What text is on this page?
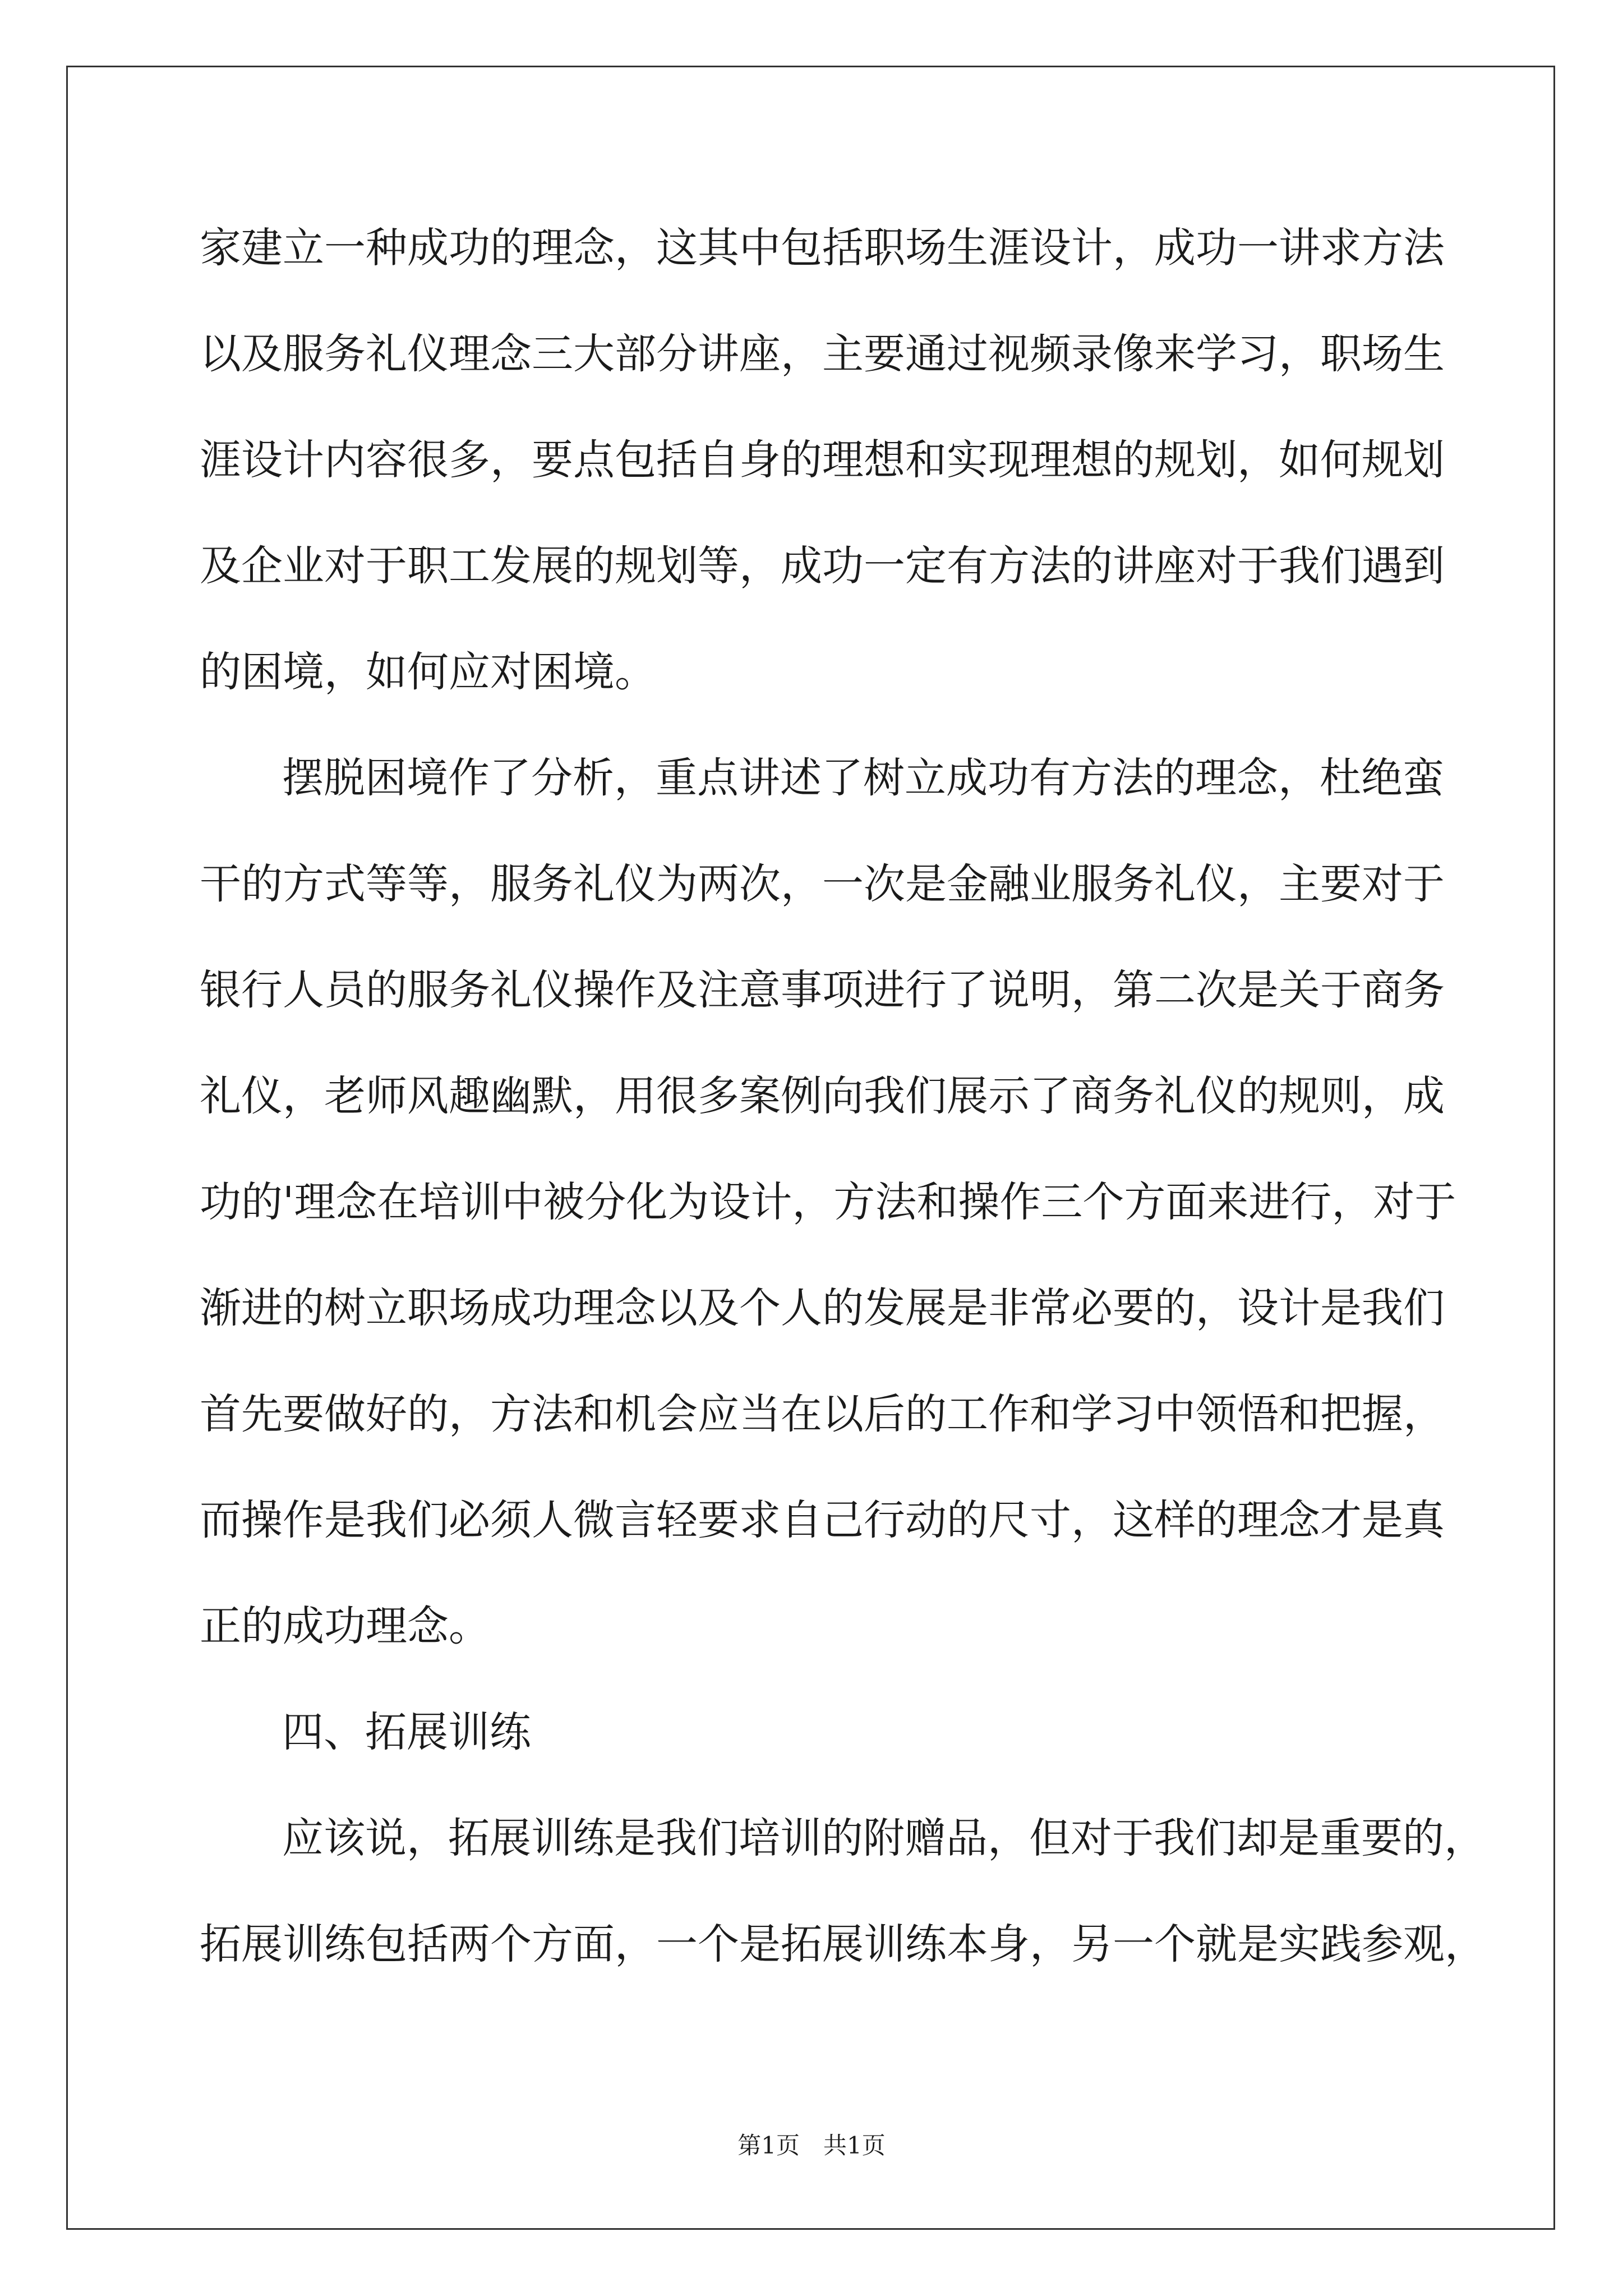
家建立一种成功的理念，这其中包括职场生涯设计，成功一讲求方法

以及服务礼仪理念三大部分讲座，主要通过视频录像来学习，职场生

涯设计内容很多，要点包括自身的理想和实现理想的规划，如何规划

及企业对于职工发展的规划等，成功一定有方法的讲座对于我们遇到

的困境，如何应对困境。

摆脱困境作了分析，重点讲述了树立成功有方法的理念，杜绝蛮

干的方式等等，服务礼仪为两次，一次是金融业服务礼仪，主要对于

银行人员的服务礼仪操作及注意事项进行了说明，第二次是关于商务

礼仪，老师风趣幽默，用很多案例向我们展示了商务礼仪的规则，成

功的'理念在培训中被分化为设计，方法和操作三个方面来进行，对于

渐进的树立职场成功理念以及个人的发展是非常必要的，设计是我们

首先要做好的，方法和机会应当在以后的工作和学习中领悟和把握，

而操作是我们必须人微言轻要求自己行动的尺寸，这样的理念才是真

正的成功理念。

四、拓展训练

应该说，拓展训练是我们培训的附赠品，但对于我们却是重要的，

拓展训练包括两个方面，一个是拓展训练本身，另一个就是实践参观，

第1页　共1页
